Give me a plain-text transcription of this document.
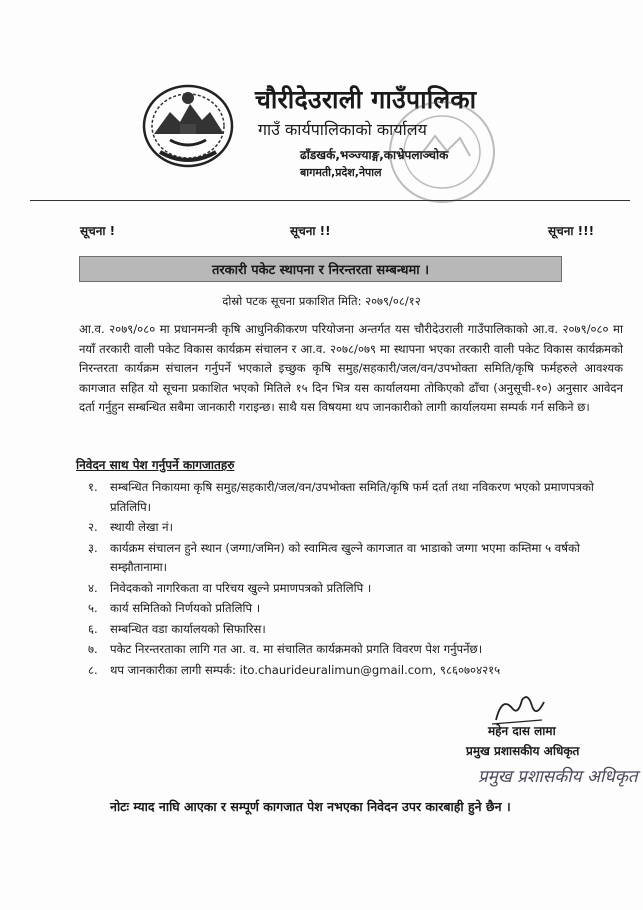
चौरीदेउराली गाउँपालिका
गाउँ कार्यपालिकाको कार्यालय
ढाँडखर्क,भञ्ज्याङ्ग,काभ्रेपलाञ्चोक
बागमती,प्रदेश,नेपाल
सूचना !	सूचना !!	सूचना !!!
तरकारी पकेट स्थापना र निरन्तरता सम्बन्धमा ।
दोस्रो पटक सूचना प्रकाशित मिति: २०७९/०८/१२
आ.व. २०७९/०८० मा प्रधानमन्त्री कृषि आधुनिकीकरण परियोजना अन्तर्गत यस चौरीदेउराली गाउँपालिकाको आ.व. २०७९/०८० मा नयाँ तरकारी वाली पकेट विकास कार्यक्रम संचालन र आ.व. २०७८/०७९ मा स्थापना भएका तरकारी वाली पकेट विकास कार्यक्रमको निरन्तरता कार्यक्रम संचालन गर्नुपर्ने भएकाले इच्छुक कृषि समुह/सहकारी/जल/वन/उपभोक्ता समिति/कृषि फर्महरुले आवश्यक कागजात सहित यो सूचना प्रकाशित भएको मितिले १५ दिन भित्र यस कार्यालयमा तोकिएको ढाँचा (अनुसूची-१०) अनुसार आवेदन दर्ता गर्नुहुन सम्बन्धित सबैमा जानकारी गराइन्छ। साथै यस विषयमा थप जानकारीको लागी कार्यालयमा सम्पर्क गर्न सकिने छ।
निवेदन साथ पेश गर्नुपर्ने कागजातहरु
१.	सम्बन्धित निकायमा कृषि समुह/सहकारी/जल/वन/उपभोक्ता समिति/कृषि फर्म दर्ता तथा नविकरण भएको प्रमाणपत्रको प्रतिलिपि।
२.	स्थायी लेखा नं।
३.	कार्यक्रम संचालन हुने स्थान (जग्गा/जमिन) को स्वामित्व खुल्ने कागजात वा भाडाको जग्गा भएमा कम्तिमा ५ वर्षको सम्झौतानामा।
४.	निवेदकको नागरिकता वा परिचय खुल्ने प्रमाणपत्रको प्रतिलिपि ।
५.	कार्य समितिको निर्णयको प्रतिलिपि ।
६.	सम्बन्धित वडा कार्यालयको सिफारिस।
७.	पकेट निरन्तरताका लागि गत आ. व. मा संचालित कार्यक्रमको प्रगति विवरण पेश गर्नुपर्नेछ।
८.	थप जानकारीका लागी सम्पर्क: ito.chaurideuralimun@gmail.com, ९८६०७०४२१५
महेन दास लामा
प्रमुख प्रशासकीय अधिकृत
प्रमुख प्रशासकीय अधिकृत
नोटः म्याद नाघि आएका र सम्पूर्ण कागजात पेश नभएका निवेदन उपर कारबाही हुने छैन ।
